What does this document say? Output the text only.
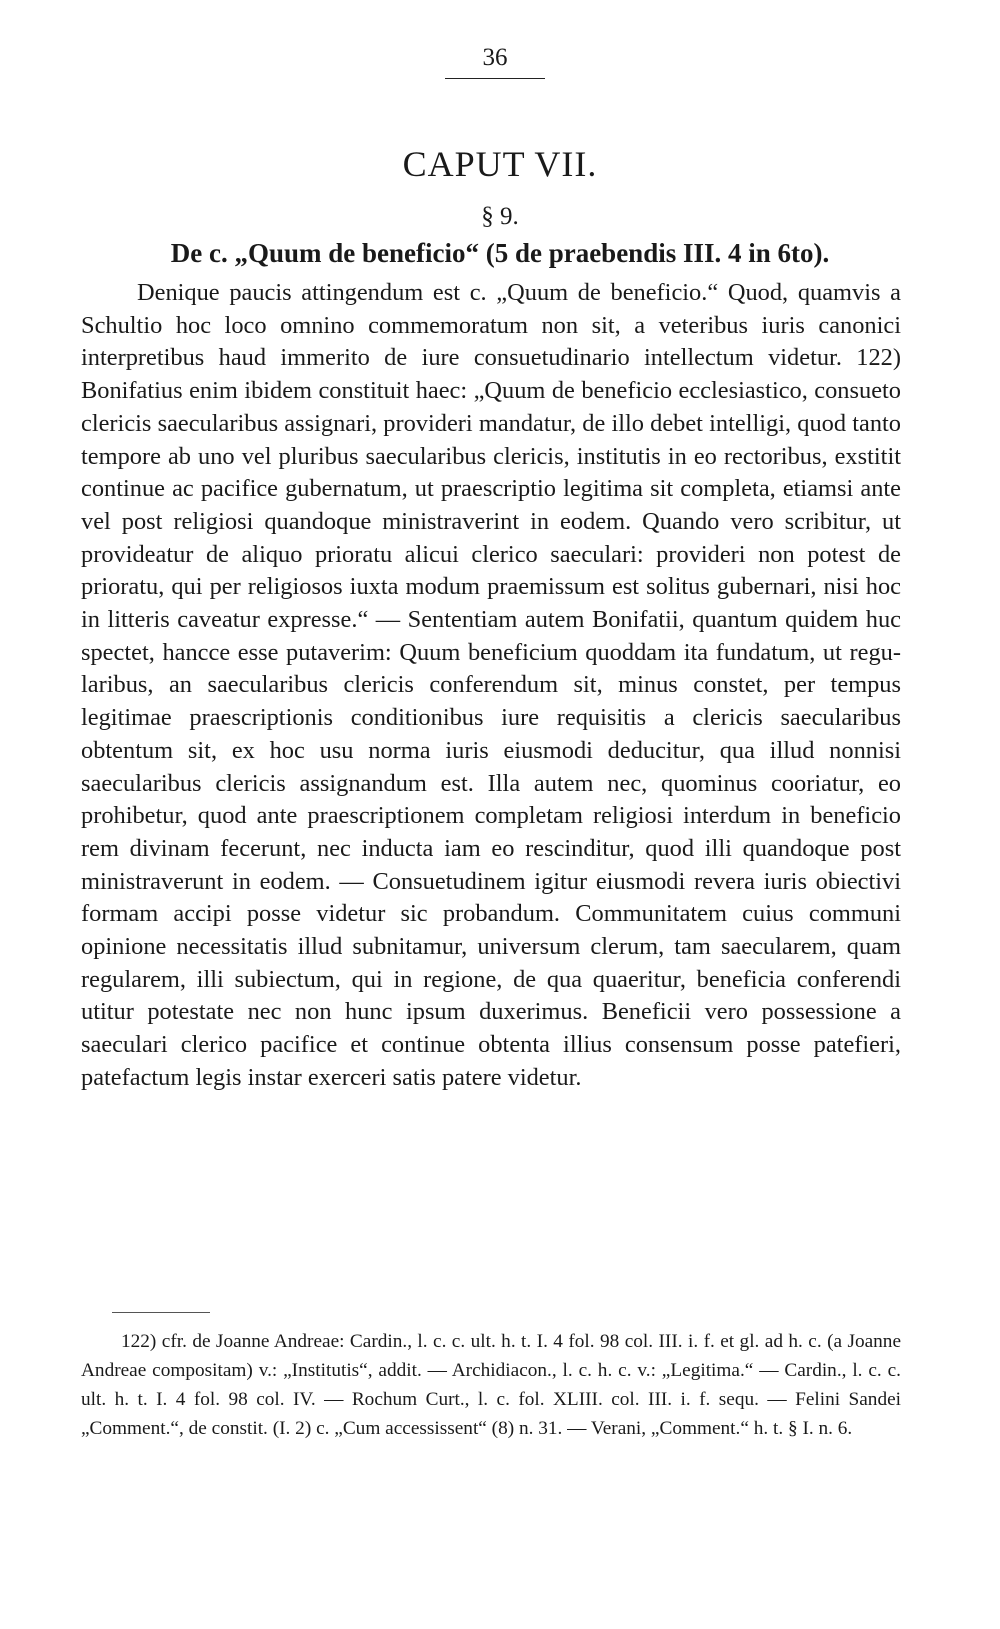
36
CAPUT VII.
§ 9.
De c. „Quum de beneficio“ (5 de praebendis III. 4 in 6to).

Denique paucis attingendum est c. „Quum de beneficio.“ Quod, quamvis a Schultio hoc loco omnino commemoratum non sit, a veteribus iuris canonici interpretibus haud immerito de iure consuetudinario intellectum videtur. 122) Bonifatius enim ibidem constituit haec: „Quum de beneficio ecclesiastico, consueto clericis saecularibus assignari, provideri mandatur, de illo debet intelligi, quod tanto tempore ab uno vel pluribus saecularibus clericis, institutis in eo rectoribus, exstitit continue ac pacifice gubernatum, ut praescriptio legitima sit completa, etiamsi ante vel post religiosi quandoque ministraverint in eodem. Quando vero scribitur, ut provideatur de aliquo prioratu alicui clerico saeculari: provideri non potest de prioratu, qui per religiosos iuxta modum praemissum est solitus gubernari, nisi hoc in litteris caveatur expresse.“ — Sententiam autem Bonifatii, quantum quidem huc spectet, hancce esse putaverim: Quum beneficium quoddam ita fundatum, ut regularibus, an saecularibus clericis conferendum sit, minus constet, per tempus legitimae praescriptionis conditionibus iure requisitis a clericis saecularibus obtentum sit, ex hoc usu norma iuris eiusmodi deducitur, qua illud nonnisi saecularibus clericis assignandum est. Illa autem nec, quominus cooriatur, eo prohibetur, quod ante praescriptionem completam religiosi interdum in beneficio rem divinam fecerunt, nec inducta iam eo rescinditur, quod illi quandoque post ministraverunt in eodem. — Consuetudinem igitur eiusmodi revera iuris obiectivi formam accipi posse videtur sic probandum. Communitatem cuius communi opinione necessitatis illud subnitamur, universum clerum, tam saecularem, quam regularem, illi subiectum, qui in regione, de qua quaeritur, beneficia conferendi utitur potestate nec non hunc ipsum duxerimus. Beneficii vero possessione a saeculari clerico pacifice et continue obtenta illius consensum posse patefieri, patefactum legis instar exerceri satis patere videtur.

122) cfr. de Joanne Andreae: Cardin., l. c. c. ult. h. t. I. 4 fol. 98 col. III. i. f. et gl. ad h. c. (a Joanne Andreae compositam) v.: „Institutis“, addit. — Archidiacon., l. c. h. c. v.: „Legitima.“ — Cardin., l. c. c. ult. h. t. I. 4 fol. 98 col. IV. — Rochum Curt., l. c. fol. XLIII. col. III. i. f. sequ. — Felini Sandei „Comment.“, de constit. (I. 2) c. „Cum accessissent“ (8) n. 31. — Verani, „Comment.“ h. t. § I. n. 6.
